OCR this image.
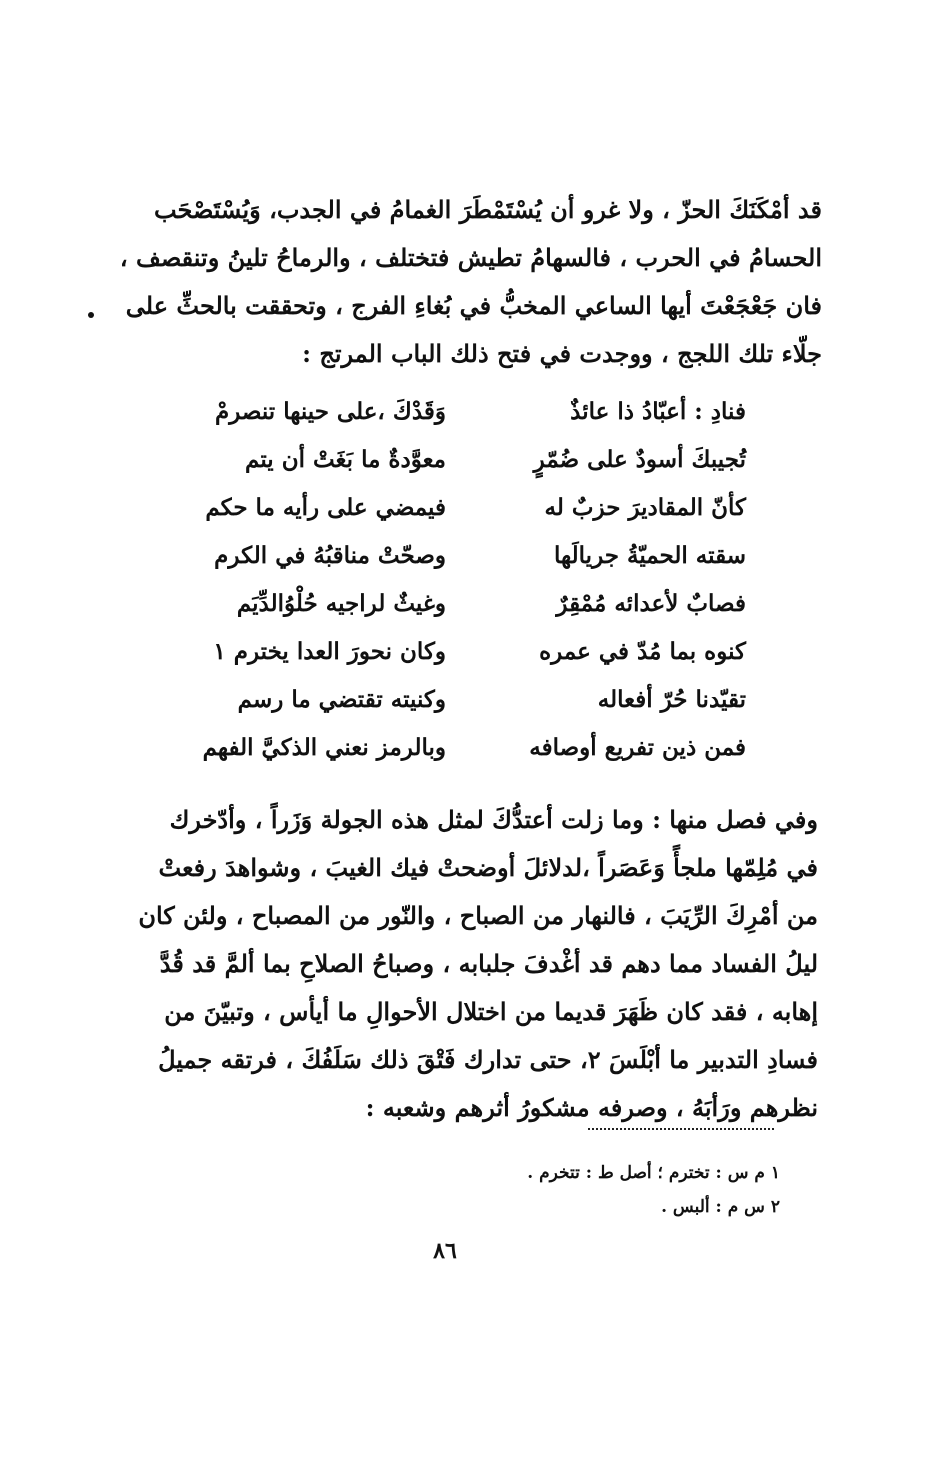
قد أمْكَنَكَ الحزّ ، ولا غرو أن يُسْتَمْطَرَ الغمامُ في الجدب، وَيُسْتَصْحَب
الحسامُ في الحرب ، فالسهامُ تطيش فتختلف ، والرماحُ تلينُ وتنقصف ،
فان جَعْجَعْتَ أيها الساعي المخبُّ في بُغاءِ الفرج ، وتحققت بالحثِّ على
جلّاء تلك اللجج ، ووجدت في فتح ذلك الباب المرتج :
فنادِ : أعبّادُ ذا عائذٌ
وَقَدْكَ ،على حينها تنصرمْ
تُجيبكَ أسودٌ على ضُمّرٍ
معوَّدةٌ ما بَغَتْ أن يتم
كأنّ المقاديرَ حزبٌ له
فيمضي على رأيه ما حكم
سقته الحميّةُ جريالَها
وصحّتْ مناقبُهُ في الكرم
فصابٌ لأعدائه مُمْقِرٌ
وغيثٌ لراجيه حُلْوُالدِّيَم
كنوه بما مُدّ في عمره
وكان نحورَ العدا يخترم ١
تقيّدنا حُرّ أفعاله
وكنيته تقتضي ما رسم
فمن ذين تفريع أوصافه
وبالرمز نعني الذكيَّ الفهم
وفي فصل منها : وما زلت أعتدُّكَ لمثل هذه الجولة وَزَراً ، وأدّخرك
في مُلِمّها ملجأً وَعَصَراً ،لدلائلَ أوضحتْ فيك الغيبَ ، وشواهدَ رفعتْ
من أمْرِكَ الرِّيَبَ ، فالنهار من الصباح ، والنّور من المصباح ، ولئن كان
ليلُ الفساد مما دهم قد أغْدفَ جلبابه ، وصباحُ الصلاحِ بما ألمَّ قد قُدَّ
إهابه ، فقد كان ظَهَرَ قديما من اختلال الأحوالِ ما أيأس ، وتبيّنَ من
فسادِ التدبير ما أبْلَسَ ٢، حتى تدارك فَتْقَ ذلك سَلَفُكَ ، فرتقه جميلُ
نظرهم ورَأبَهُ ، وصرفه مشكورُ أثرهم وشعبه :
١ م س : تخترم ؛ أصل ط : تتخرم .
٢ س م : ألبس .
٨٦
